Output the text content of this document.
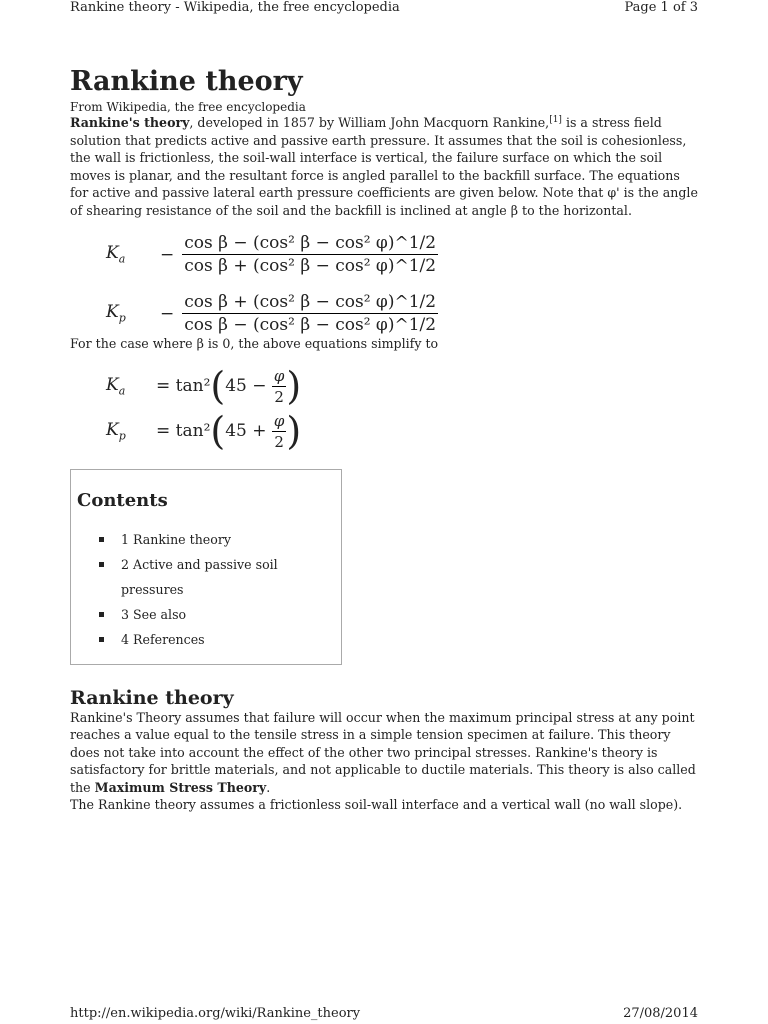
Rankine theory - Wikipedia, the free encyclopedia	Page 1 of 3
Rankine theory
From Wikipedia, the free encyclopedia

Rankine's theory, developed in 1857 by William John Macquorn Rankine,[1] is a stress field solution that predicts active and passive earth pressure. It assumes that the soil is cohesionless, the wall is frictionless, the soil-wall interface is vertical, the failure surface on which the soil moves is planar, and the resultant force is angled parallel to the backfill surface. The equations for active and passive lateral earth pressure coefficients are given below. Note that φ' is the angle of shearing resistance of the soil and the backfill is inclined at angle β to the horizontal.

$K_a$	− $\frac{\text{cos β − (cos² β − cos² φ)\textasciicircum{}1/2}}{\text{cos β + (cos² β − cos² φ)\textasciicircum{}1/2}}$
$K_p$	− $\frac{\text{cos β + (cos² β − cos² φ)\textasciicircum{}1/2}}{\text{cos β − (cos² β − cos² φ)\textasciicircum{}1/2}}$

For the case where β is 0, the above equations simplify to

$K_a$	= tan² ( $45 - \frac{\varphi}{2}$ )
$K_p$	= tan² ( $45 + \frac{\varphi}{2}$ )
Contents
1 Rankine theory
2 Active and passive soil pressures
3 See also
4 References
Rankine theory

Rankine's Theory assumes that failure will occur when the maximum principal stress at any point reaches a value equal to the tensile stress in a simple tension specimen at failure. This theory does not take into account the effect of the other two principal stresses. Rankine's theory is satisfactory for brittle materials, and not applicable to ductile materials. This theory is also called the Maximum Stress Theory.

The Rankine theory assumes a frictionless soil-wall interface and a vertical wall (no wall slope).

http://en.wikipedia.org/wiki/Rankine_theory	27/08/2014
